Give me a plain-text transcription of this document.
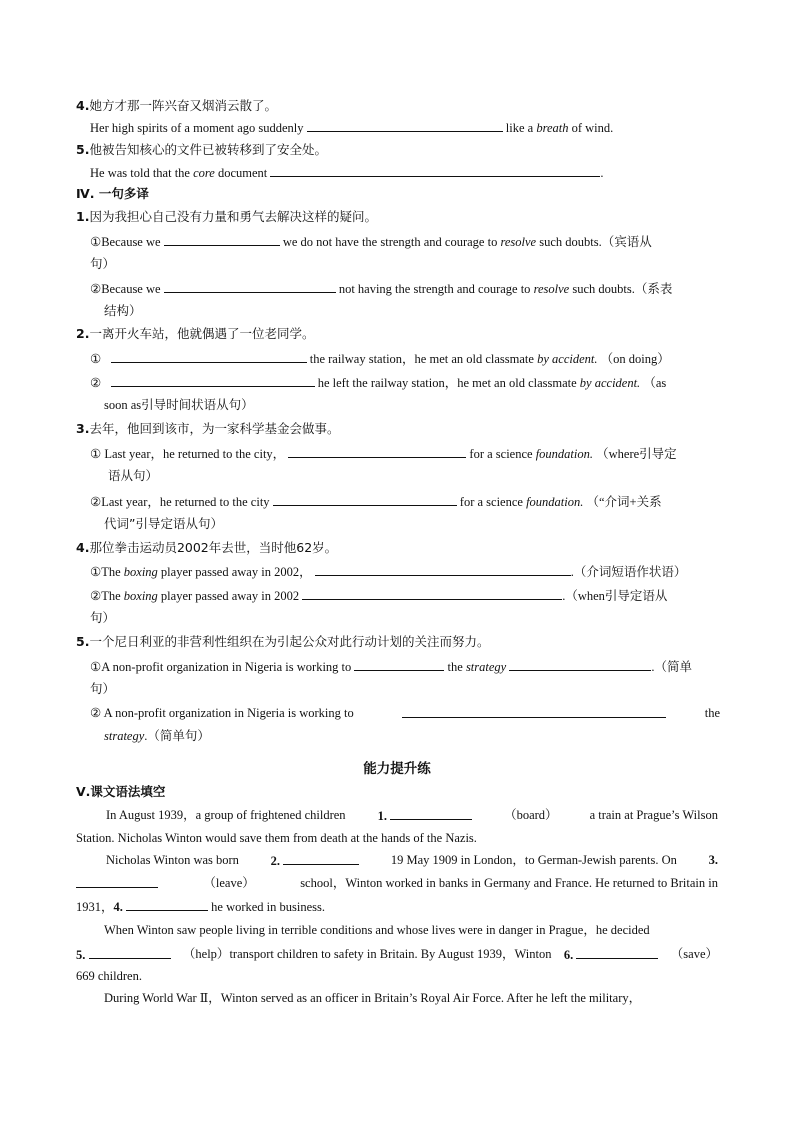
4.她方才那一阵兴奋又烟消云散了。
Her high spirits of a moment ago suddenly	like a breath of wind.
5.他被告知核心的文件已被转移到了安全处。
He was told that the core document	.
Ⅳ. 一句多译
1.因为我担心自己没有力量和勇气去解决这样的疑问。
①Because we	we do not have the strength and courage to resolve such doubts.（宾语从
句）
②Because we	not having the strength and courage to resolve such doubts.（系表
结构）
2.一离开火车站，他就偶遇了一位老同学。
①	the railway station，he met an old classmate by accident. （on doing）
②	he left the railway station，he met an old classmate by accident. （as
soon as引导时间状语从句）
3.去年，他回到该市，为一家科学基金会做事。
① Last year，he returned to the city，	for a science foundation. （where引导定
语从句）
②Last year，he returned to the city	for a science foundation. （“介词+关系
代词”引导定语从句）
4.那位拳击运动员2002年去世，当时他62岁。
①The boxing player passed away in 2002，	.（介词短语作状语）
②The boxing player passed away in 2002	.（when引导定语从
句）
5.一个尼日利亚的非营利性组织在为引起公众对此行动计划的关注而努力。
①A non-profit organization in Nigeria is working to	the strategy	.（简单
句）
② A non-profit organization in Nigeria is working to	the
strategy.（简单句）
能力提升练
Ⅴ.课文语法填空
In August 1939，a group of frightened children	1.	（board）	a train at Prague’s Wilson
Station. Nicholas Winton would save them from death at the hands of the Nazis.
Nicholas Winton was born	2.	19 May 1909 in London，to German-Jewish parents. On	3.
（leave）	school，Winton worked in banks in Germany and France. He returned to Britain in
1931，4.	he worked in business.
When Winton saw people living in terrible conditions and whose lives were in danger in Prague，he decided
5.	（help）transport children to safety in Britain. By August 1939，Winton 6.	（save）
669 children.
During World War Ⅱ，Winton served as an officer in Britain’s Royal Air Force. After he left the military，
